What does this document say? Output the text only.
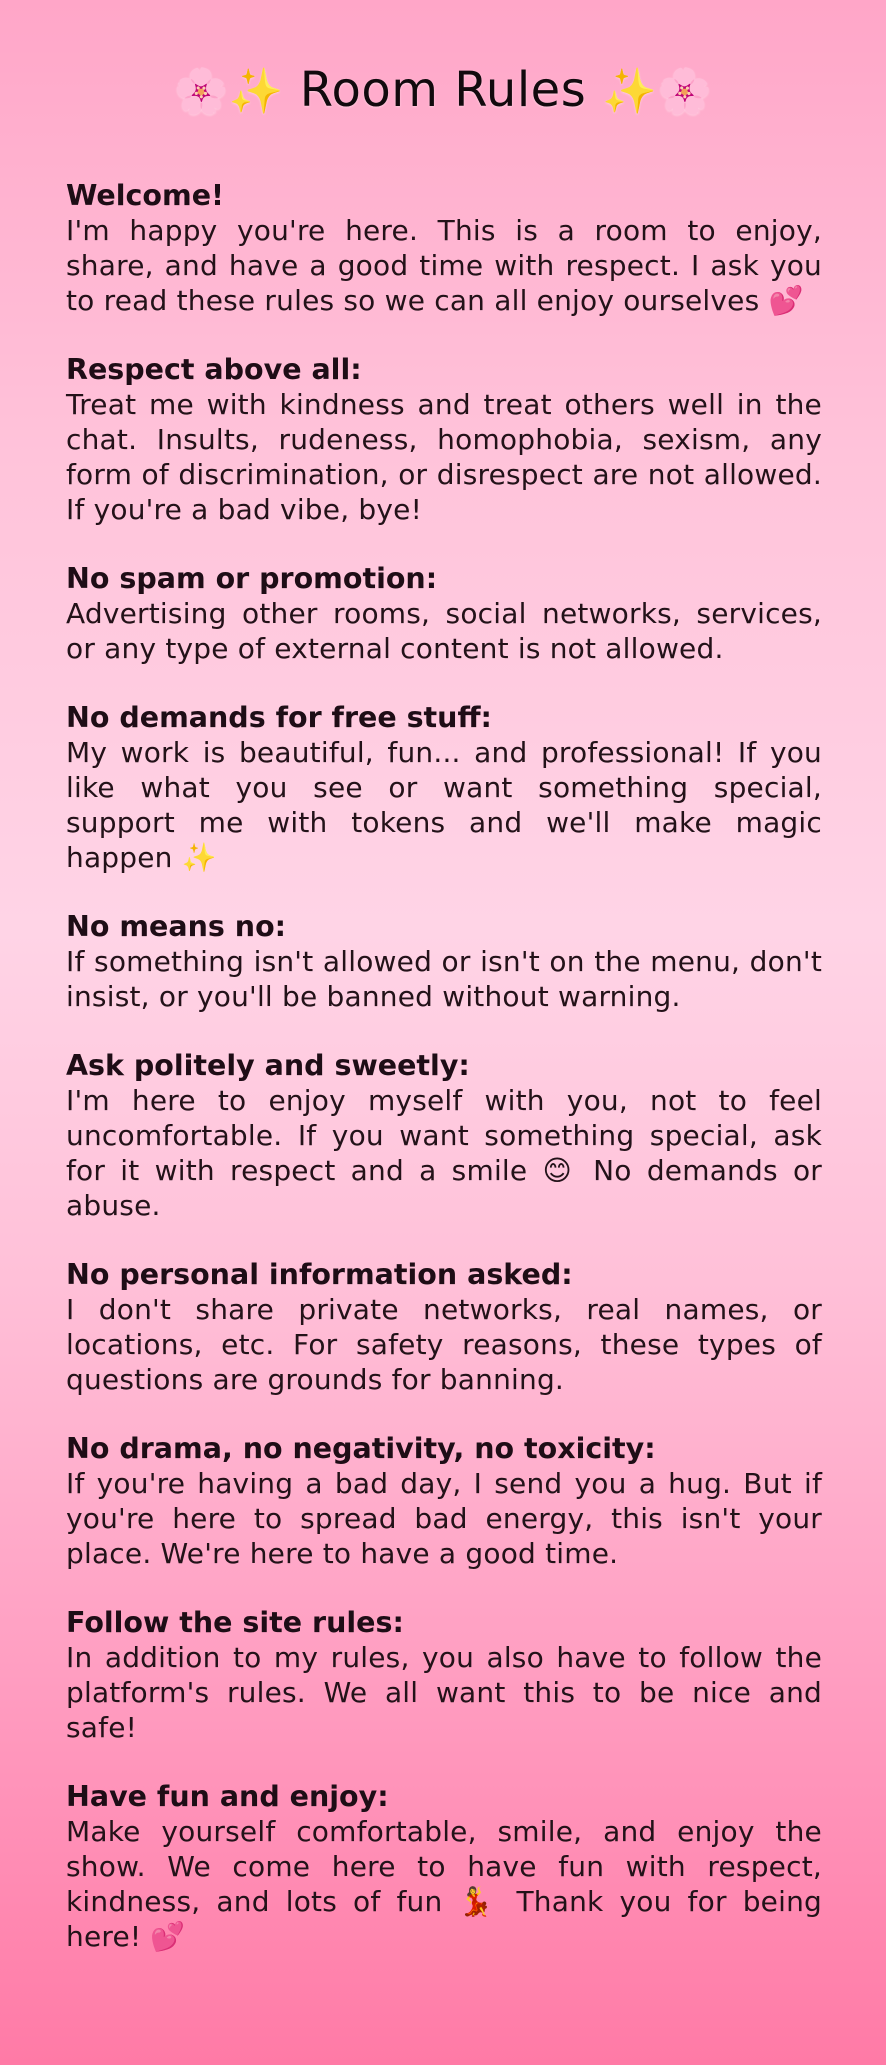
🌸✨ Room Rules ✨🌸
Welcome!
I'm happy you're here. This is a room to enjoy, share, and have a good time with respect. I ask you to read these rules so we can all enjoy ourselves 💕
Respect above all:
Treat me with kindness and treat others well in the chat. Insults, rudeness, homophobia, sexism, any form of discrimination, or disrespect are not allowed. If you're a bad vibe, bye!
No spam or promotion:
Advertising other rooms, social networks, services, or any type of external content is not allowed.
No demands for free stuff:
My work is beautiful, fun... and professional! If you like what you see or want something special, support me with tokens and we'll make magic happen ✨
No means no:
If something isn't allowed or isn't on the menu, don't insist, or you'll be banned without warning.
Ask politely and sweetly:
I'm here to enjoy myself with you, not to feel uncomfortable. If you want something special, ask for it with respect and a smile 😊 No demands or abuse.
No personal information asked:
I don't share private networks, real names, or locations, etc. For safety reasons, these types of questions are grounds for banning.
No drama, no negativity, no toxicity:
If you're having a bad day, I send you a hug. But if you're here to spread bad energy, this isn't your place. We're here to have a good time.
Follow the site rules:
In addition to my rules, you also have to follow the platform's rules. We all want this to be nice and safe!
Have fun and enjoy:
Make yourself comfortable, smile, and enjoy the show. We come here to have fun with respect, kindness, and lots of fun 💃 Thank you for being here! 💕
